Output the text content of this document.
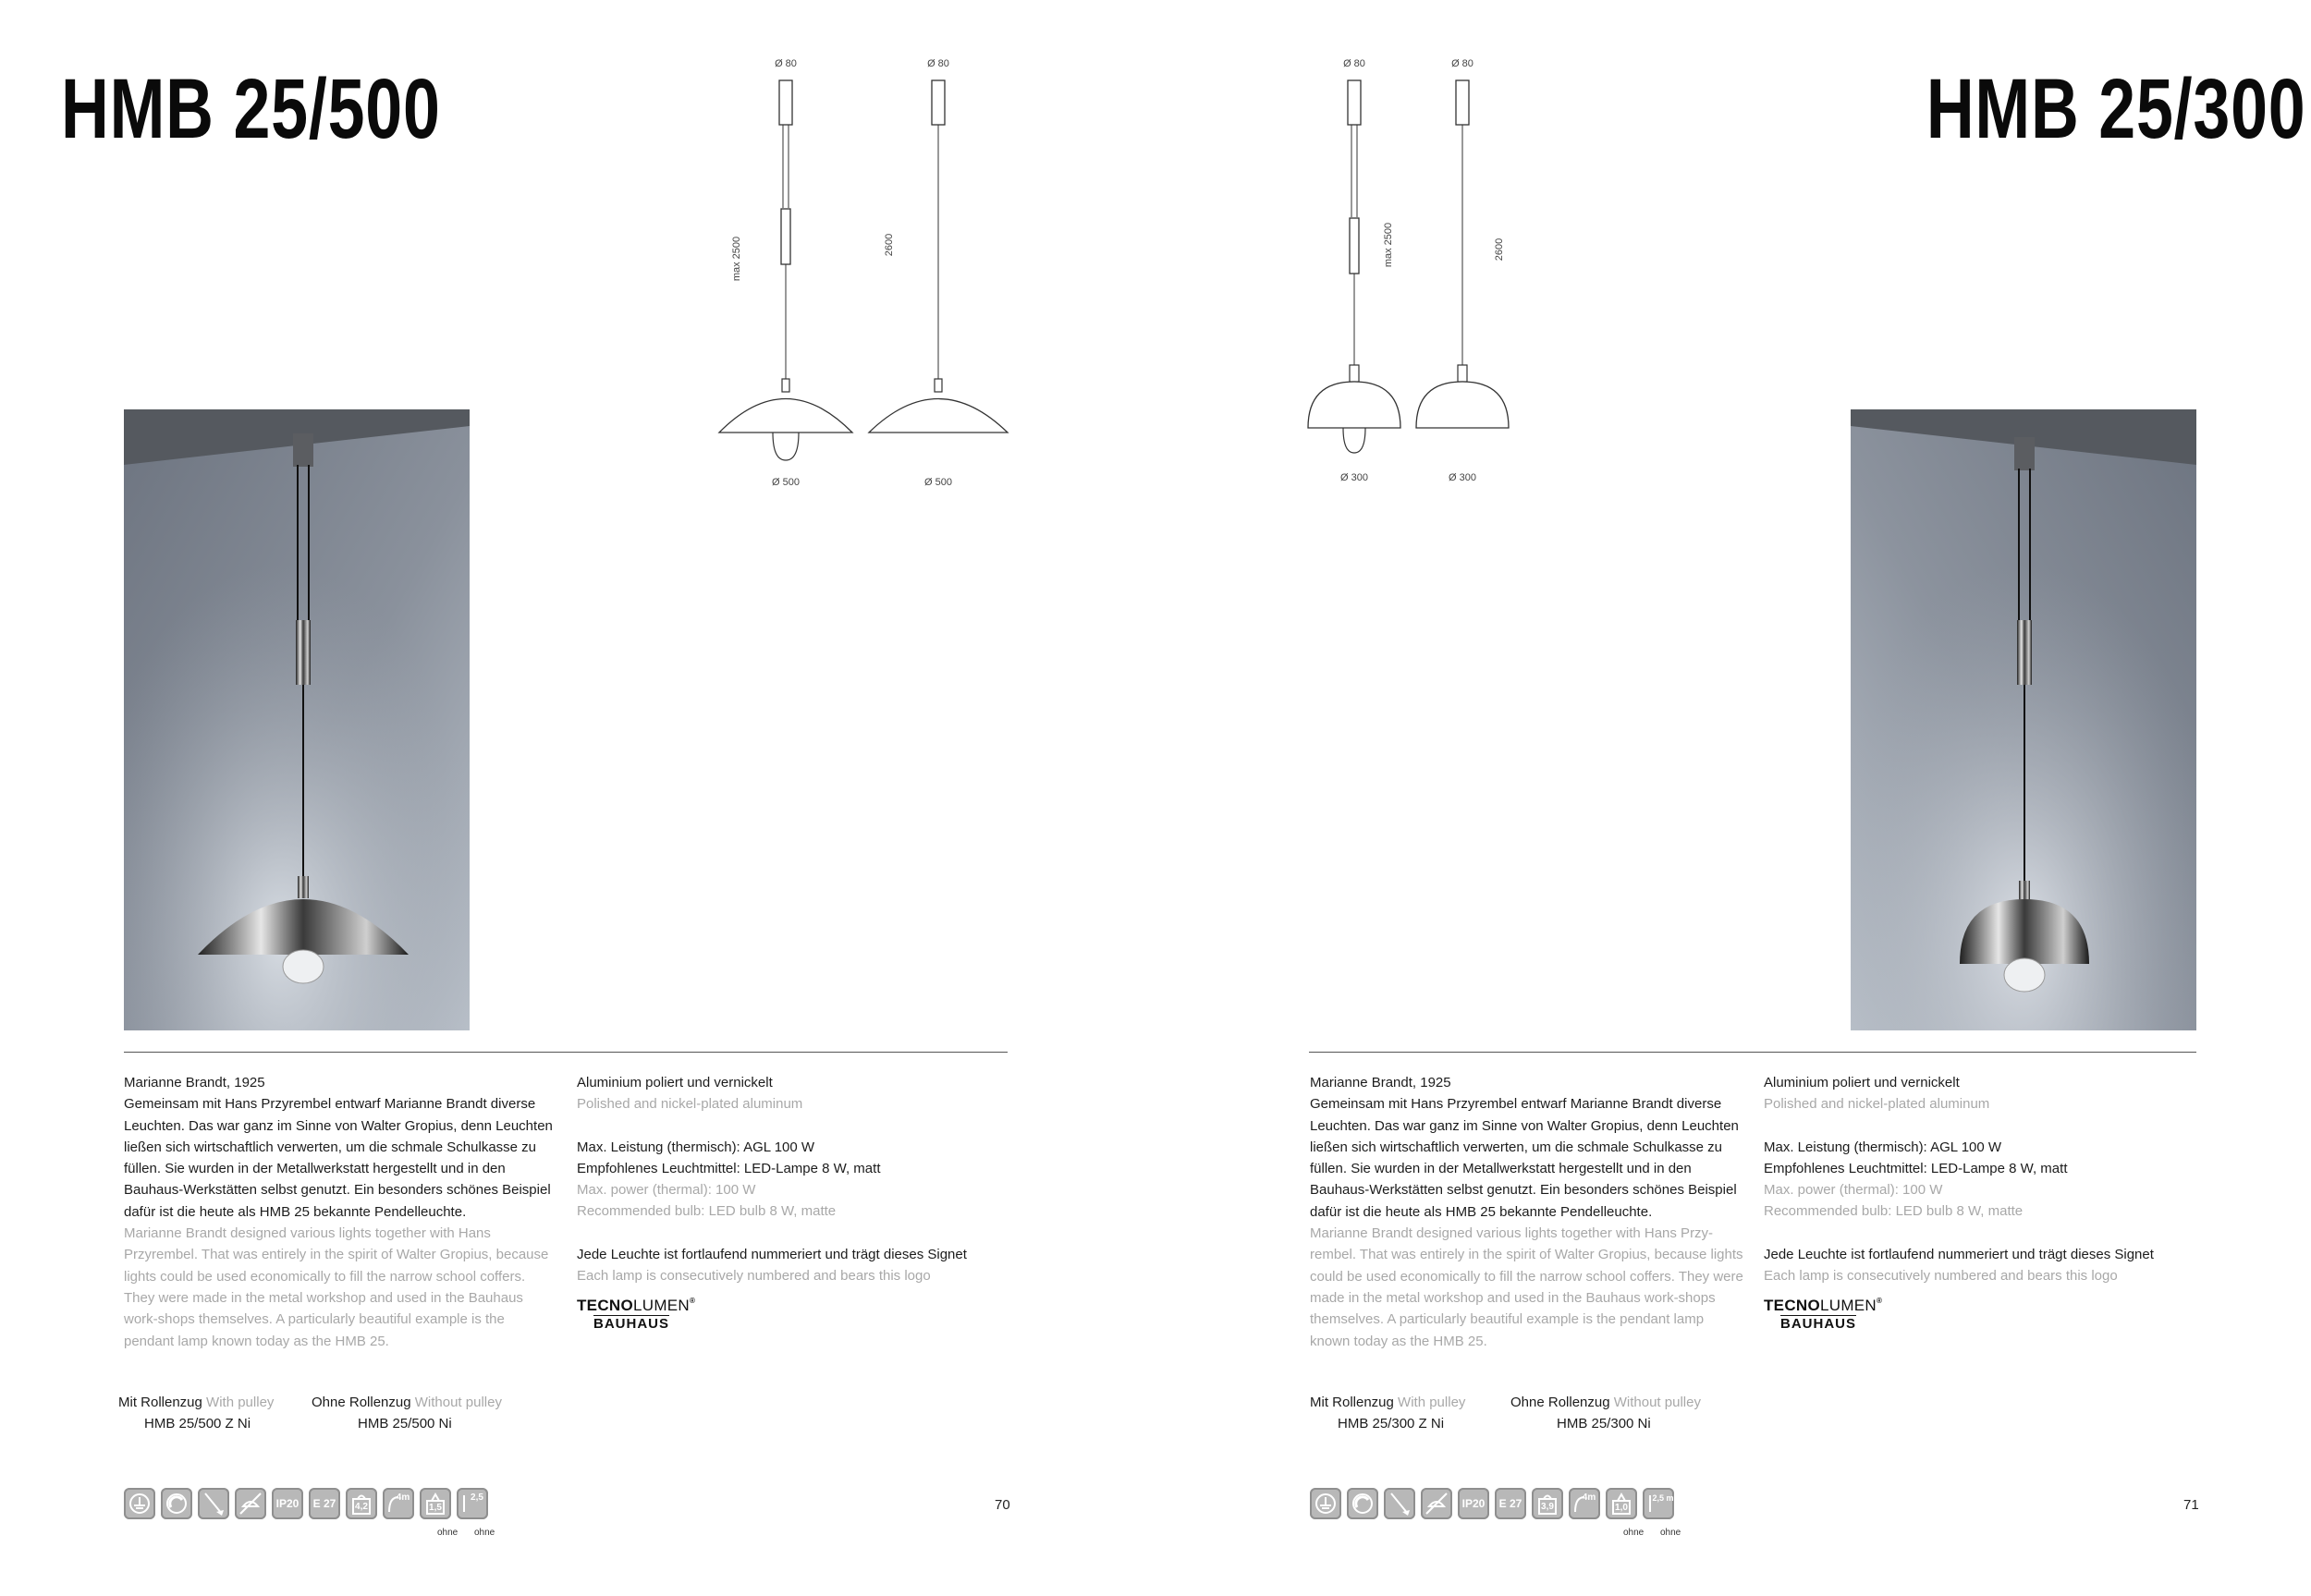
HMB 25/500	Ø 80
max 2500
Ø 500
Ø 80
2600
Ø 500

Marianne Brandt, 1925

Gemeinsam mit Hans Przyrembel entwarf Marianne Brandt diverse Leuchten. Das war ganz im Sinne von Walter Gropius, denn Leuchten ließen sich wirtschaftlich verwerten, um die schmale Schulkasse zu füllen. Sie wurden in der Metallwerkstatt hergestellt und in den Bauhaus-Werkstätten selbst genutzt. Ein besonders schönes Beispiel dafür ist die heute als HMB 25 bekannte Pendelleuchte.

Marianne Brandt designed various lights together with Hans Przyrembel. That was entirely in the spirit of Walter Gropius, because lights could be used economically to fill the narrow school coffers. They were made in the metal workshop and used in the Bauhaus work-shops themselves. A particularly beautiful example is the pendant lamp known today as the HMB 25.

Aluminium poliert und vernickelt

Polished and nickel-plated aluminum

Max. Leistung (thermisch): AGL 100 W

Empfohlenes Leuchtmittel: LED-Lampe 8 W, matt

Max. power (thermal): 100 W

Recommended bulb: LED bulb 8 W, matte

Jede Leuchte ist fortlaufend nummeriert und trägt dieses Signet

Each lamp is consecutively numbered and bears this logo

TECNOLUMEN®
BAUHAUS
Mit Rollenzug With pulley
HMB 25/500 Z Ni
Ohne Rollenzug Without pulley
HMB 25/500 Ni
IP20	E 27	4,2
4m
1,5
2,5
ohne ohne
70
HMB 25/300
Ø 80
Ø 300
max 2500
Ø 80
Ø 300
2600

Marianne Brandt, 1925

Gemeinsam mit Hans Przyrembel entwarf Marianne Brandt diverse Leuchten. Das war ganz im Sinne von Walter Gropius, denn Leuchten ließen sich wirtschaftlich verwerten, um die schmale Schulkasse zu füllen. Sie wurden in der Metallwerkstatt hergestellt und in den Bauhaus-Werkstätten selbst genutzt. Ein besonders schönes Beispiel dafür ist die heute als HMB 25 bekannte Pendelleuchte.

Marianne Brandt designed various lights together with Hans Przy-rembel. That was entirely in the spirit of Walter Gropius, because lights could be used economically to fill the narrow school coffers. They were made in the metal workshop and used in the Bauhaus work-shops themselves. A particularly beautiful example is the pendant lamp known today as the HMB 25.

Aluminium poliert und vernickelt

Polished and nickel-plated aluminum

Max. Leistung (thermisch): AGL 100 W

Empfohlenes Leuchtmittel: LED-Lampe 8 W, matt

Max. power (thermal): 100 W

Recommended bulb: LED bulb 8 W, matte

Jede Leuchte ist fortlaufend nummeriert und trägt dieses Signet

Each lamp is consecutively numbered and bears this logo

TECNOLUMEN®
BAUHAUS
Mit Rollenzug With pulley
HMB 25/300 Z Ni
Ohne Rollenzug Without pulley
HMB 25/300 Ni
IP20	E 27	3,9
4m
1,0
2,5 m
ohne ohne
71
